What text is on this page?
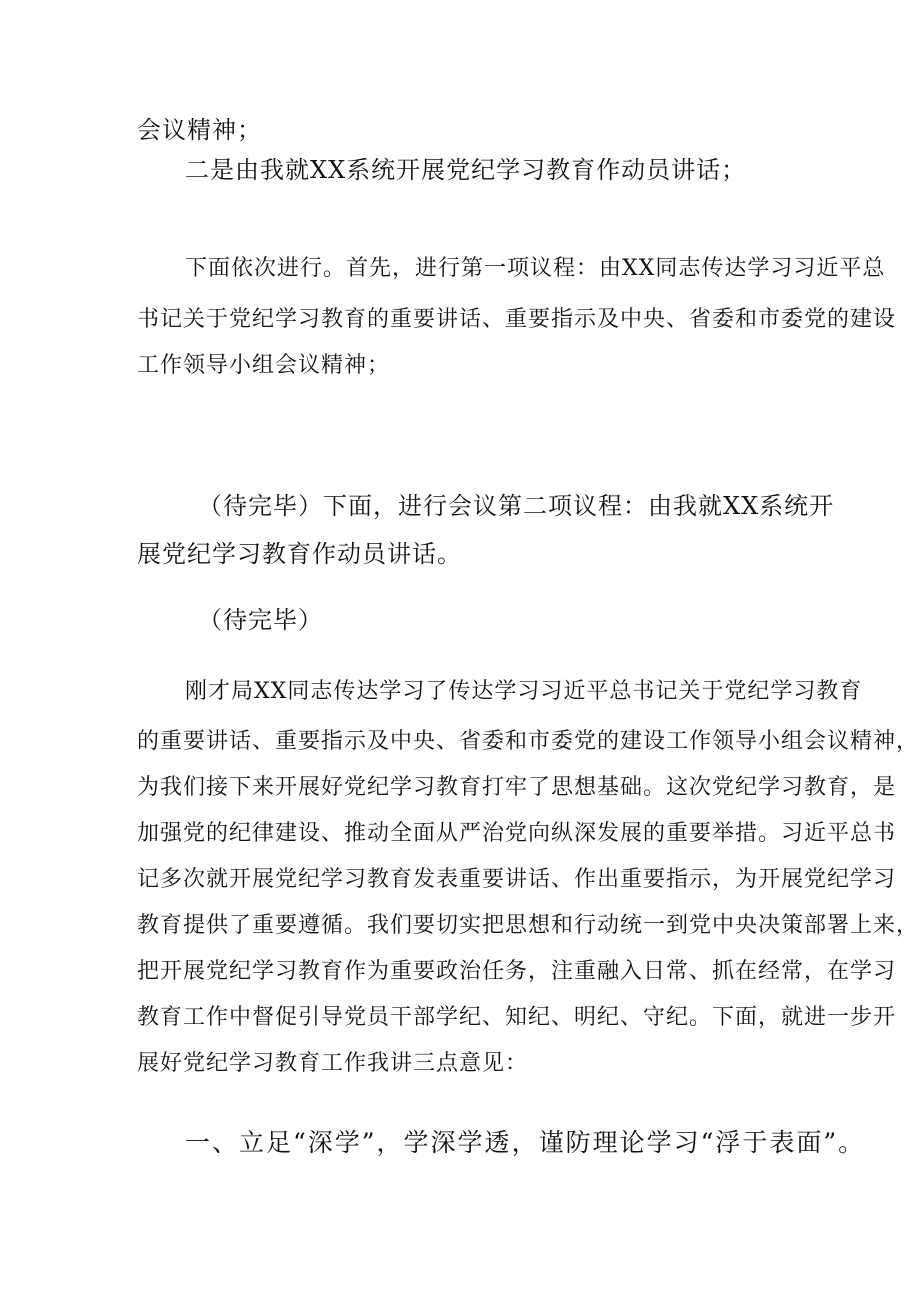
会议精神；

二是由我就XX系统开展党纪学习教育作动员讲话；

下面依次进行。首先，进行第一项议程：由XX同志传达学习习近平总

书记关于党纪学习教育的重要讲话、重要指示及中央、省委和市委党的建设

工作领导小组会议精神；

（待完毕）下面，进行会议第二项议程：由我就XX系统开

展党纪学习教育作动员讲话。

（待完毕）

刚才局XX同志传达学习了传达学习习近平总书记关于党纪学习教育

的重要讲话、重要指示及中央、省委和市委党的建设工作领导小组会议精神，

为我们接下来开展好党纪学习教育打牢了思想基础。这次党纪学习教育，是

加强党的纪律建设、推动全面从严治党向纵深发展的重要举措。习近平总书

记多次就开展党纪学习教育发表重要讲话、作出重要指示，为开展党纪学习

教育提供了重要遵循。我们要切实把思想和行动统一到党中央决策部署上来，

把开展党纪学习教育作为重要政治任务，注重融入日常、抓在经常，在学习

教育工作中督促引导党员干部学纪、知纪、明纪、守纪。下面，就进一步开

展好党纪学习教育工作我讲三点意见：

一、立足“深学”，学深学透，谨防理论学习“浮于表面”。
